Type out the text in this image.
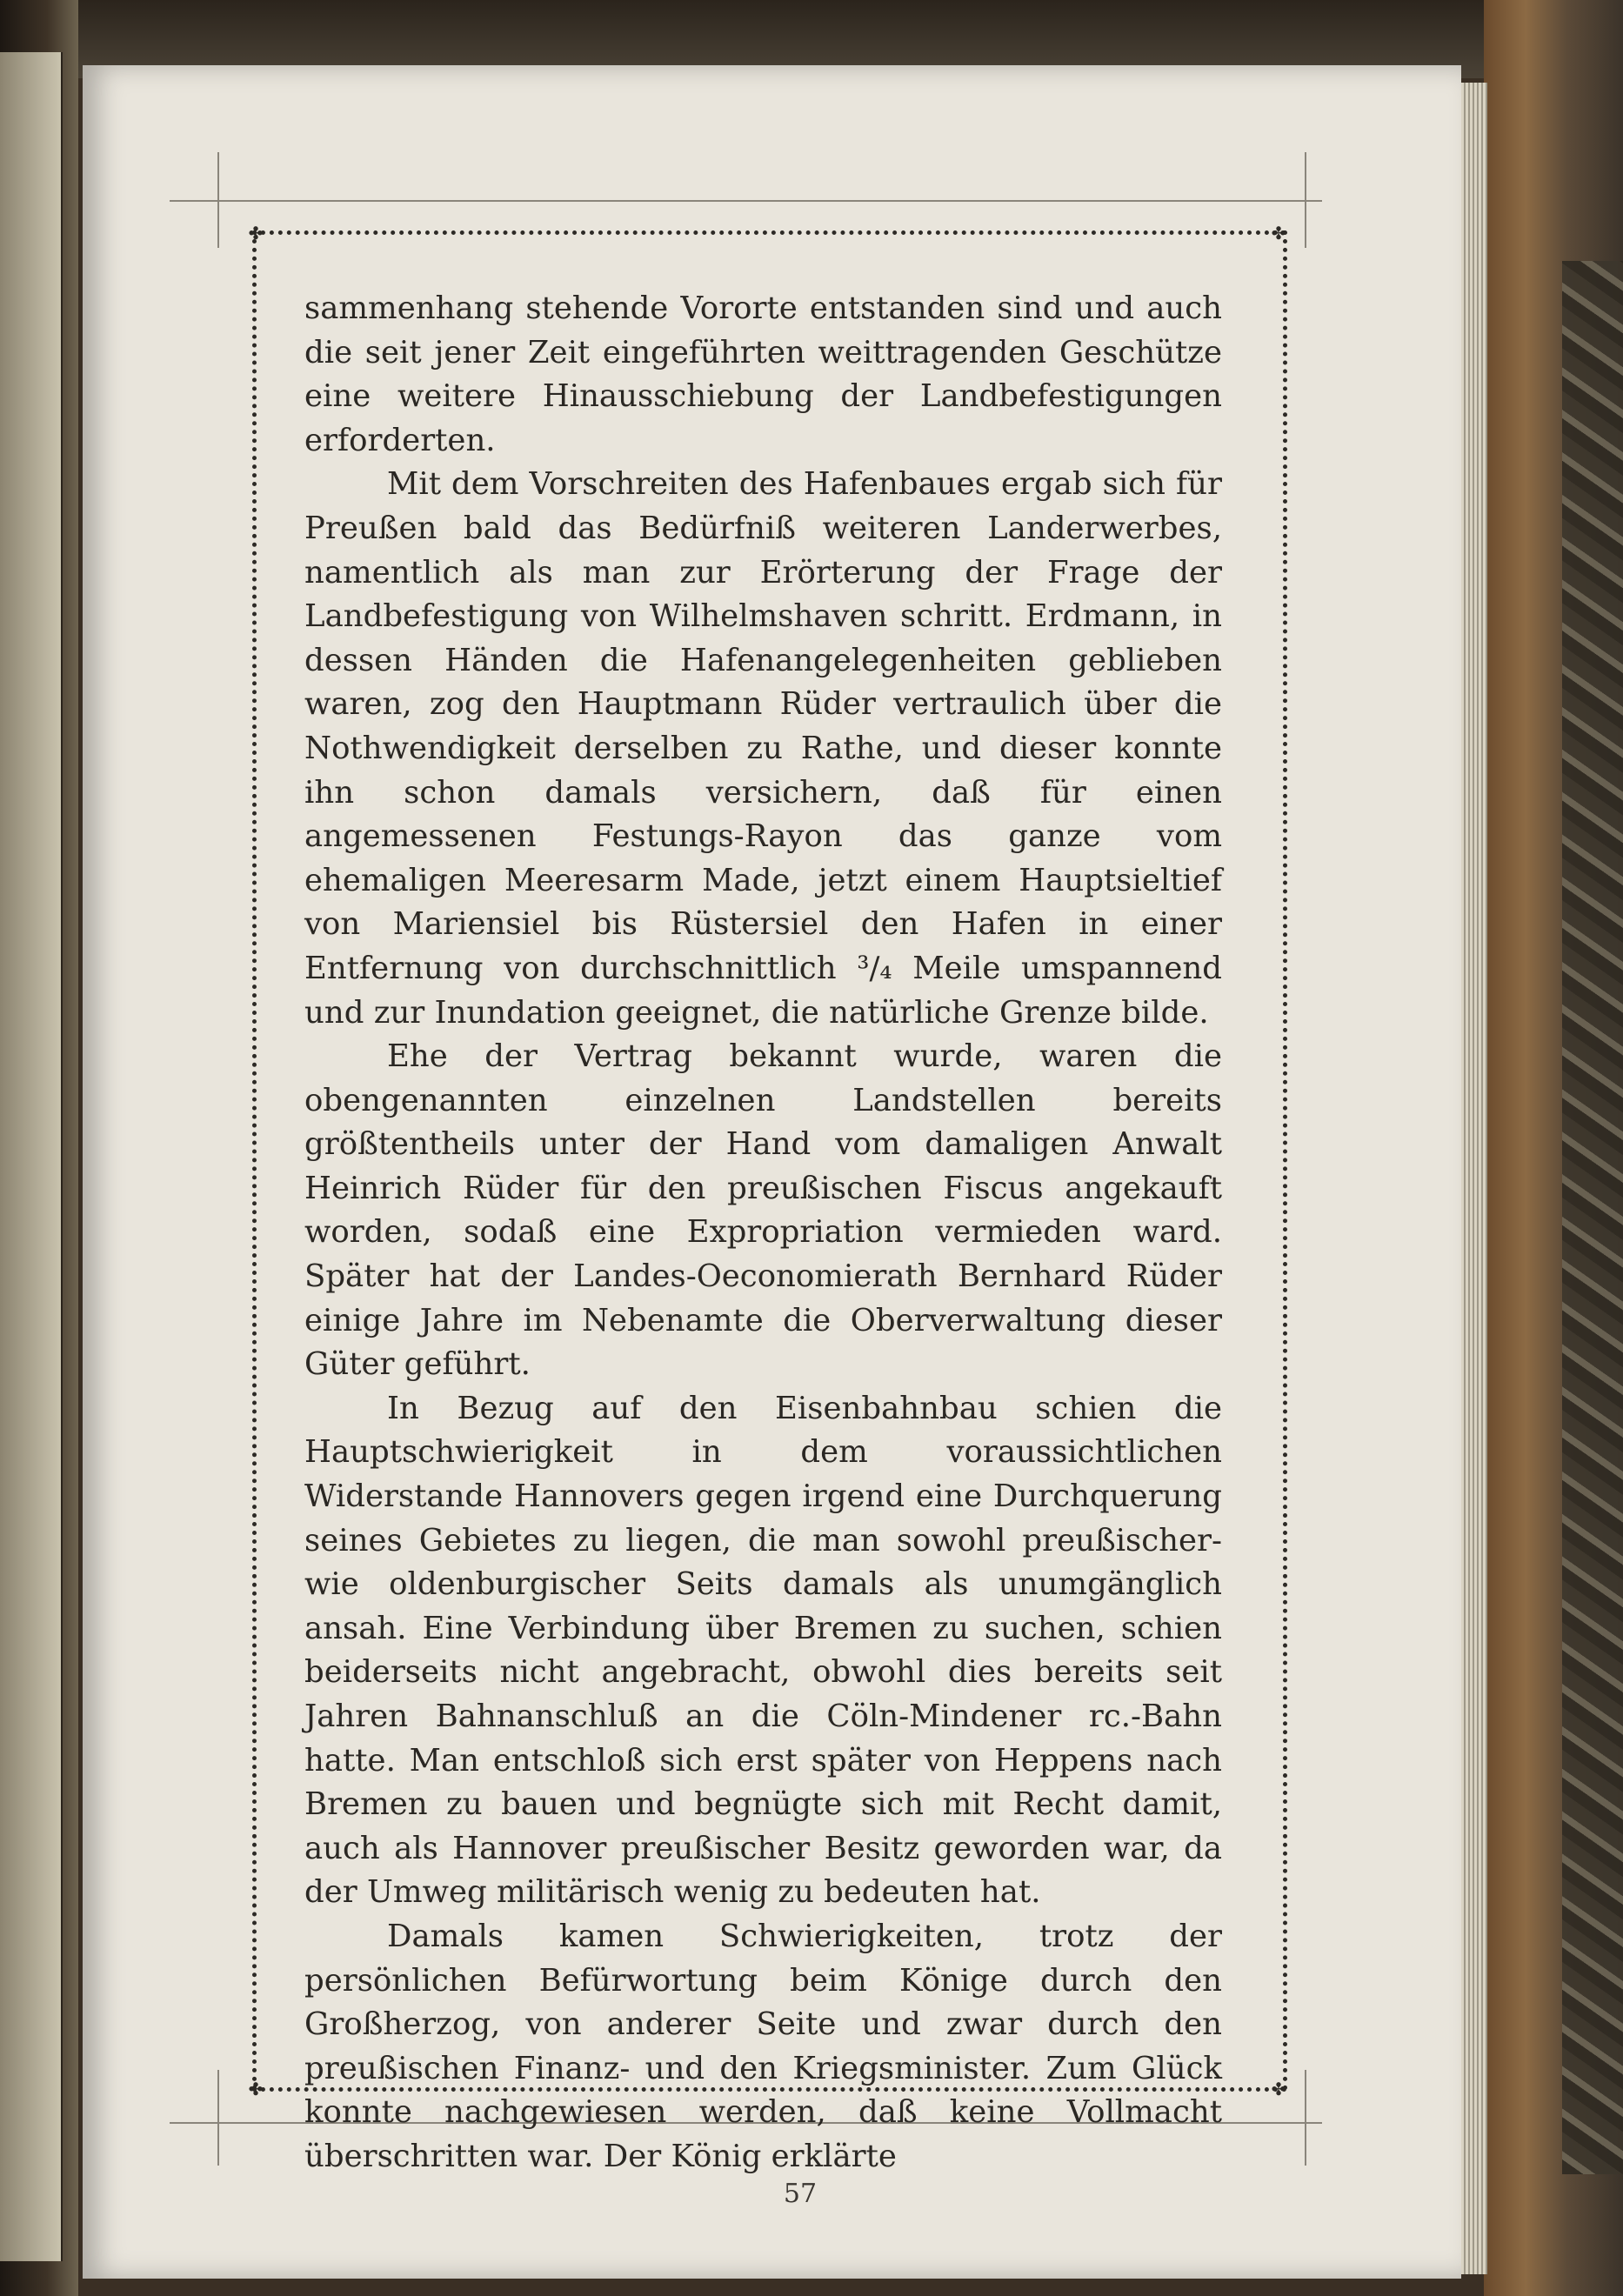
✤	✤
✤	✤

sammenhang stehende Vororte entstanden sind und auch die seit jener Zeit eingeführten weittragenden Geschütze eine weitere Hinausschiebung der Landbefestigungen erforderten.

Mit dem Vorschreiten des Hafenbaues ergab sich für Preußen bald das Bedürfniß weiteren Landerwerbes, namentlich als man zur Erörterung der Frage der Landbefestigung von Wilhelmshaven schritt. Erdmann, in dessen Händen die Hafenangelegenheiten geblieben waren, zog den Hauptmann Rüder vertraulich über die Nothwendigkeit derselben zu Rathe, und dieser konnte ihn schon damals versichern, daß für einen angemessenen Festungs-Rayon das ganze vom ehemaligen Meeresarm Made, jetzt einem Hauptsieltief von Mariensiel bis Rüstersiel den Hafen in einer Entfernung von durchschnittlich ³/₄ Meile umspannend und zur Inundation geeignet, die natürliche Grenze bilde.

Ehe der Vertrag bekannt wurde, waren die obengenannten einzelnen Landstellen bereits größtentheils unter der Hand vom damaligen Anwalt Heinrich Rüder für den preußischen Fiscus angekauft worden, sodaß eine Expropriation vermieden ward. Später hat der Landes-Oeconomierath Bernhard Rüder einige Jahre im Nebenamte die Oberverwaltung dieser Güter geführt.

In Bezug auf den Eisenbahnbau schien die Hauptschwierigkeit in dem voraussichtlichen Widerstande Hannovers gegen irgend eine Durchquerung seines Gebietes zu liegen, die man sowohl preußischer- wie oldenburgischer Seits damals als unumgänglich ansah. Eine Verbindung über Bremen zu suchen, schien beiderseits nicht angebracht, obwohl dies bereits seit Jahren Bahnanschluß an die Cöln-Mindener rc.-Bahn hatte. Man entschloß sich erst später von Heppens nach Bremen zu bauen und begnügte sich mit Recht damit, auch als Hannover preußischer Besitz geworden war, da der Umweg militärisch wenig zu bedeuten hat.

Damals kamen Schwierigkeiten, trotz der persönlichen Befürwortung beim Könige durch den Großherzog, von anderer Seite und zwar durch den preußischen Finanz- und den Kriegsminister. Zum Glück konnte nachgewiesen werden, daß keine Vollmacht überschritten war. Der König erklärte

57
